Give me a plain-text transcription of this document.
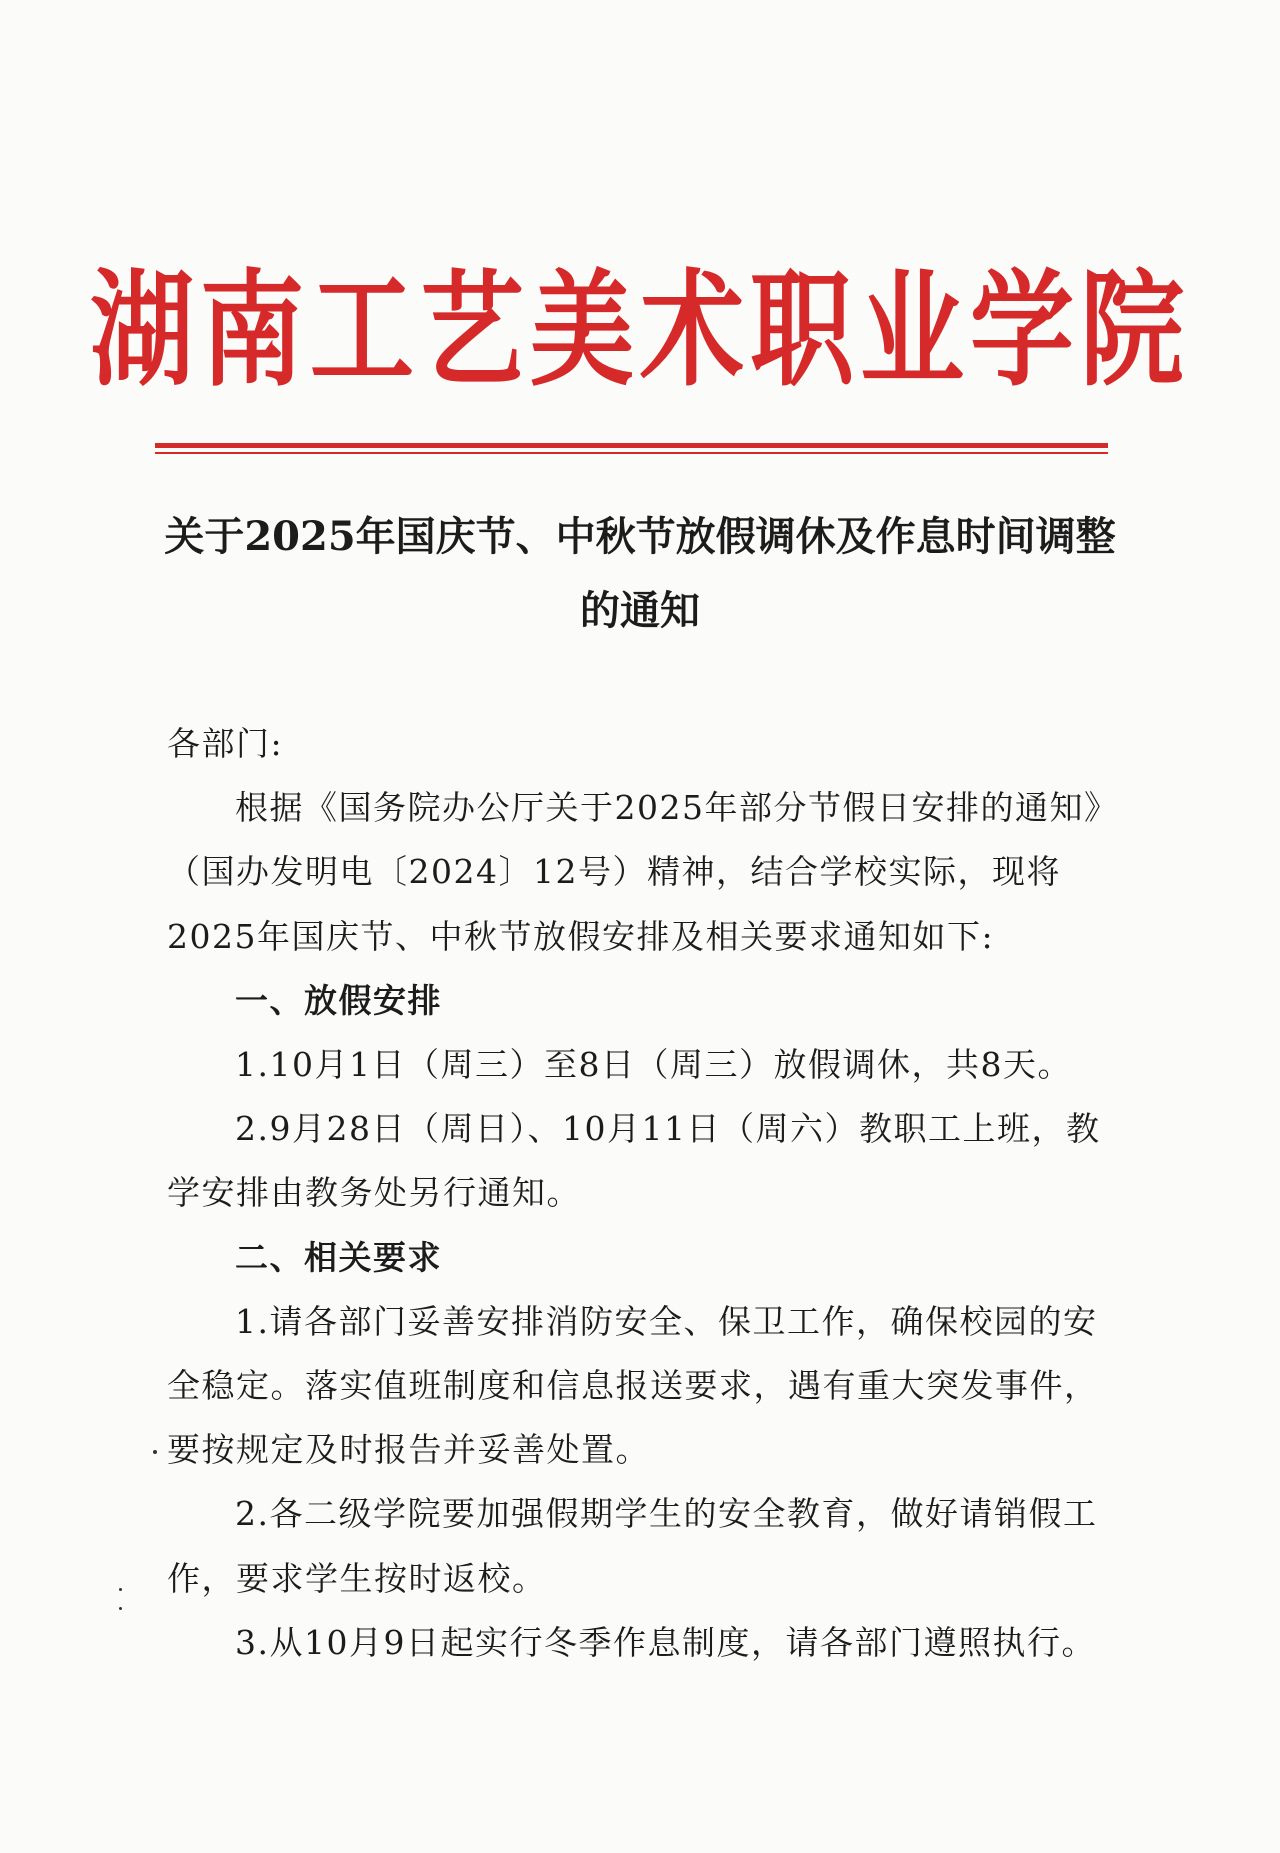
湖南工艺美术职业学院
关于2025年国庆节、中秋节放假调休及作息时间调整
的通知

各部门:

根据《国务院办公厅关于2025年部分节假日安排的通知》（国办发明电〔2024〕12号）精神，结合学校实际，现将2025年国庆节、中秋节放假安排及相关要求通知如下:

一、放假安排

1.10月1日（周三）至8日（周三）放假调休，共8天。

2.9月28日（周日）、10月11日（周六）教职工上班，教学安排由教务处另行通知。

二、相关要求

1.请各部门妥善安排消防安全、保卫工作，确保校园的安全稳定。落实值班制度和信息报送要求，遇有重大突发事件，要按规定及时报告并妥善处置。

2.各二级学院要加强假期学生的安全教育，做好请销假工作，要求学生按时返校。

3.从10月9日起实行冬季作息制度，请各部门遵照执行。
